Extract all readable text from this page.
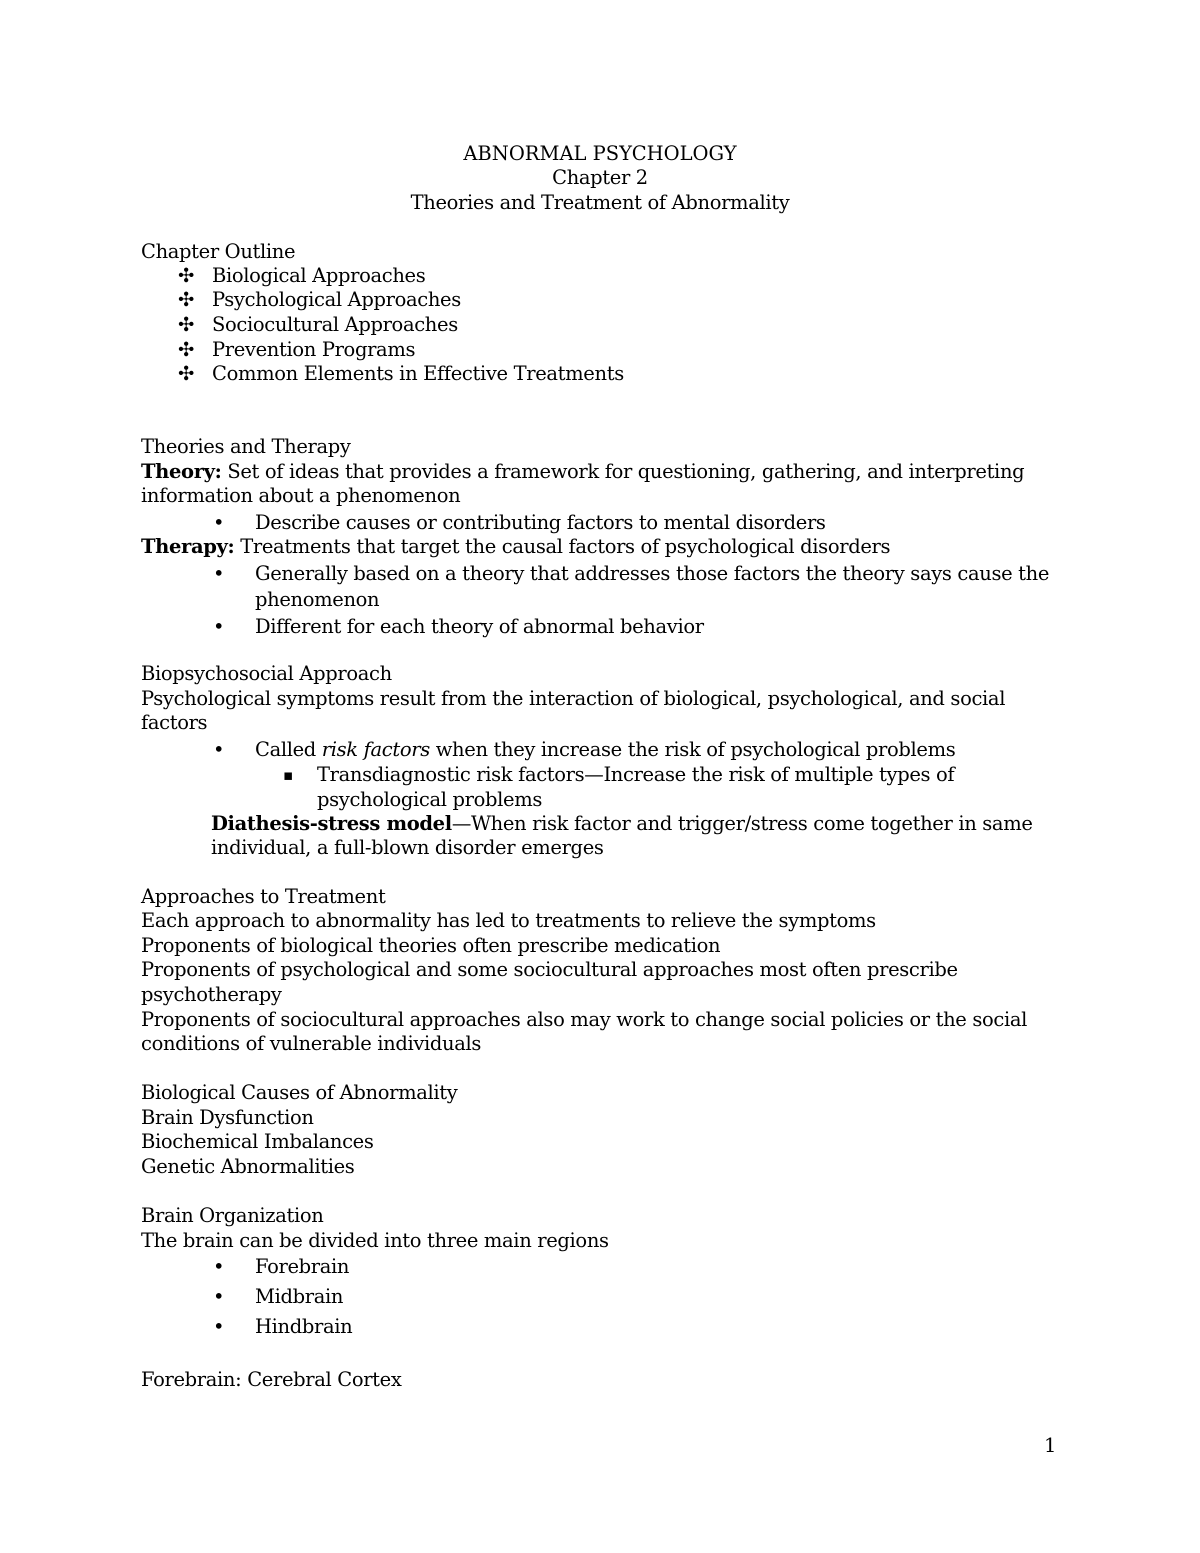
ABNORMAL PSYCHOLOGY
Chapter 2
Theories and Treatment of Abnormality
Chapter Outline
✣ Biological Approaches
✣ Psychological Approaches
✣ Sociocultural Approaches
✣ Prevention Programs
✣ Common Elements in Effective Treatments
Theories and Therapy
Theory: Set of ideas that provides a framework for questioning, gathering, and interpreting
information about a phenomenon
• Describe causes or contributing factors to mental disorders
Therapy: Treatments that target the causal factors of psychological disorders
• Generally based on a theory that addresses those factors the theory says cause the
phenomenon
• Different for each theory of abnormal behavior
Biopsychosocial Approach
Psychological symptoms result from the interaction of biological, psychological, and social
factors
• Called risk factors when they increase the risk of psychological problems
▪ Transdiagnostic risk factors—Increase the risk of multiple types of
psychological problems
Diathesis-stress model—When risk factor and trigger/stress come together in same
individual, a full-blown disorder emerges
Approaches to Treatment
Each approach to abnormality has led to treatments to relieve the symptoms
Proponents of biological theories often prescribe medication
Proponents of psychological and some sociocultural approaches most often prescribe
psychotherapy
Proponents of sociocultural approaches also may work to change social policies or the social
conditions of vulnerable individuals
Biological Causes of Abnormality
Brain Dysfunction
Biochemical Imbalances
Genetic Abnormalities
Brain Organization
The brain can be divided into three main regions
• Forebrain
• Midbrain
• Hindbrain
Forebrain: Cerebral Cortex
1
